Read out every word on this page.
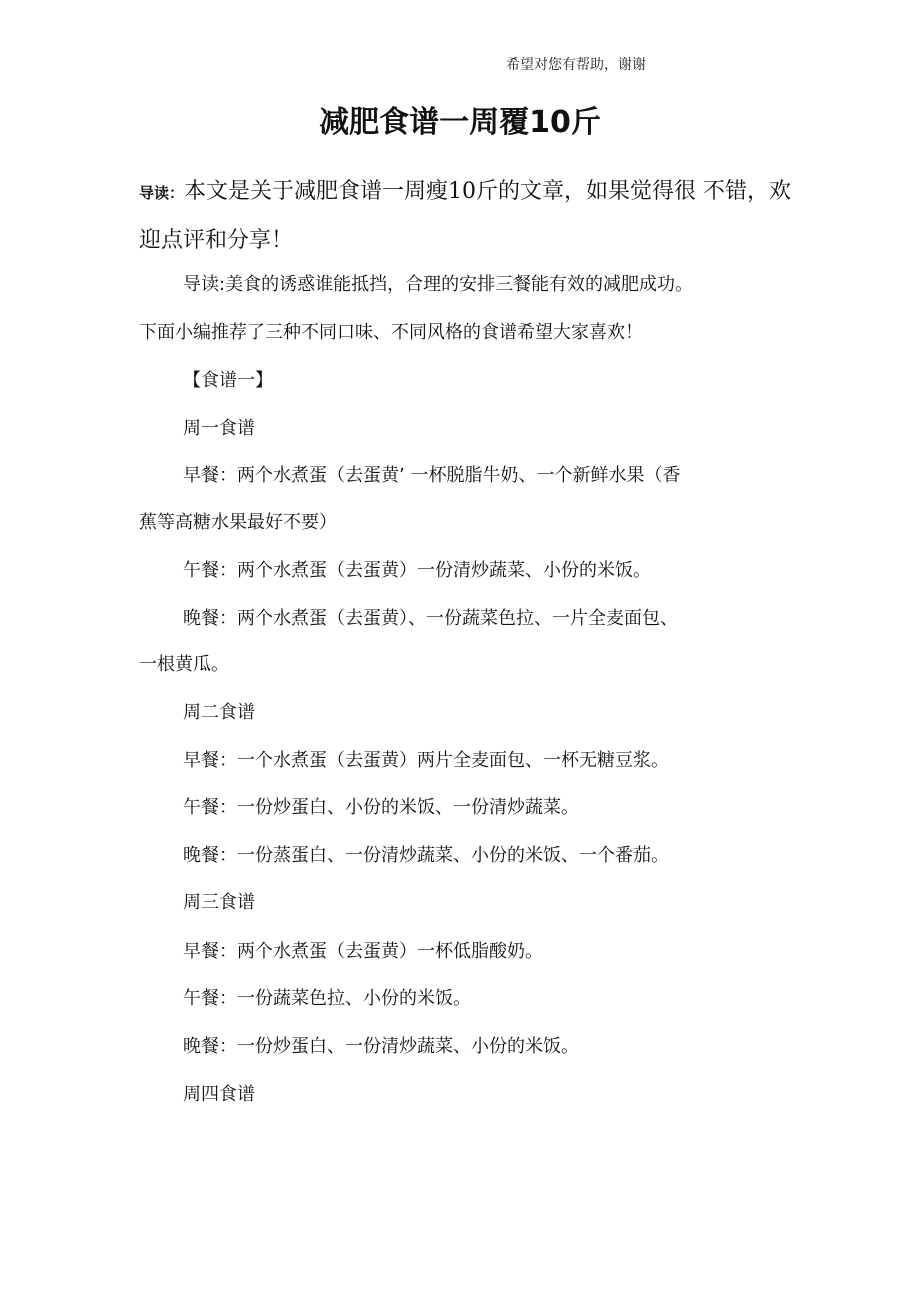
希望对您有帮助，谢谢
减肥食谱一周覆10斤
导读：本文是关于减肥食谱一周瘦10斤的文章，如果觉得很 不错，欢迎点评和分享！
导读:美食的诱惑谁能抵挡，合理的安排三餐能有效的减肥成功。
下面小编推荐了三种不同口味、不同风格的食谱希望大家喜欢！
【食谱一】
周一食谱
早餐：两个水煮蛋（去蛋黄’ 一杯脱脂牛奶、一个新鲜水果（香
蕉等高糖水果最好不要）
午餐：两个水煮蛋（去蛋黄）一份清炒蔬菜、小份的米饭。
晚餐：两个水煮蛋（去蛋黄）、一份蔬菜色拉、一片全麦面包、
一根黄瓜。
周二食谱
早餐：一个水煮蛋（去蛋黄）两片全麦面包、一杯无糖豆浆。
午餐：一份炒蛋白、小份的米饭、一份清炒蔬菜。
晚餐：一份蒸蛋白、一份清炒蔬菜、小份的米饭、一个番茄。
周三食谱
早餐：两个水煮蛋（去蛋黄）一杯低脂酸奶。
午餐：一份蔬菜色拉、小份的米饭。
晚餐：一份炒蛋白、一份清炒蔬菜、小份的米饭。
周四食谱
